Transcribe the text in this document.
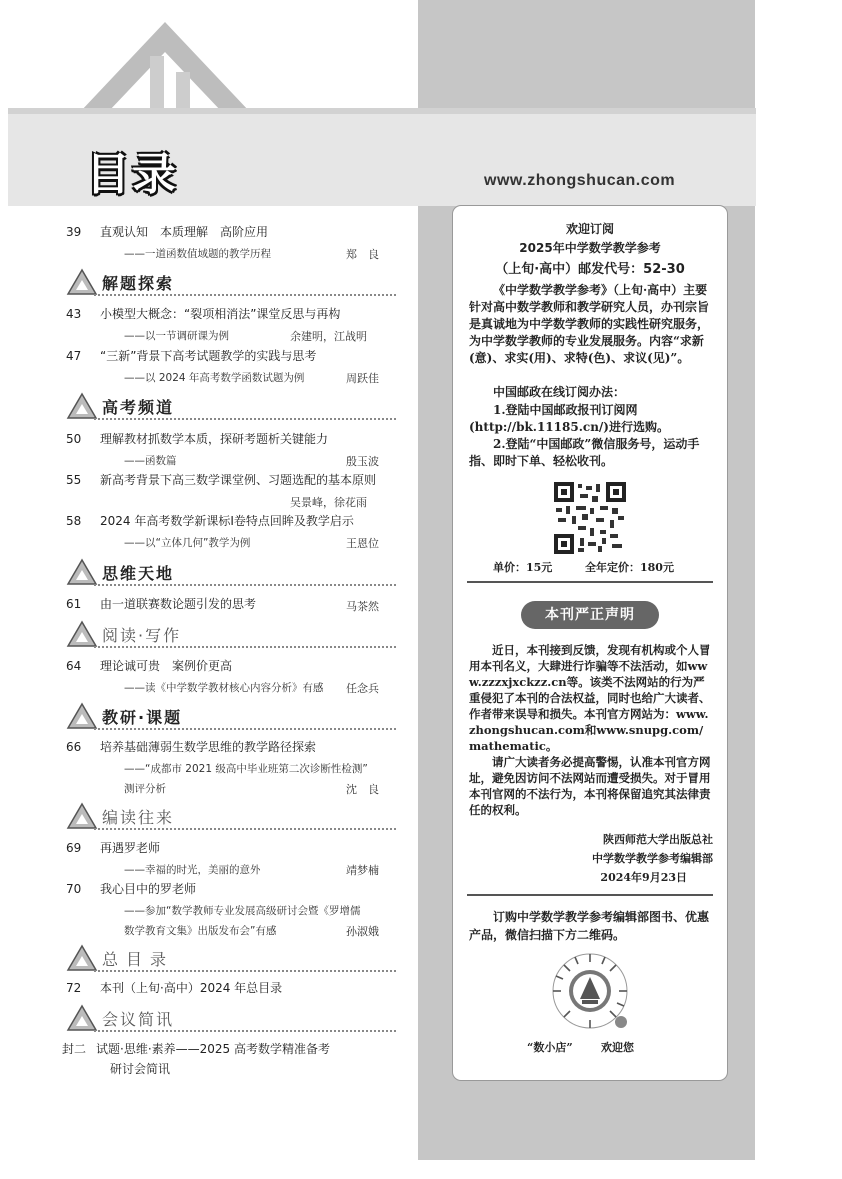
目录	www.zhongshucan.com
39 直观认知　本质理解　高阶应用
——一道函数值域题的教学历程	郑　良
解题探索
43 小模型大概念：“裂项相消法”课堂反思与再构
——以一节调研课为例	余建明，江战明
47 “三新”背景下高考试题教学的实践与思考
——以 2024 年高考数学函数试题为例	周跃佳
高考频道
50 理解教材抓数学本质，探研考题析关键能力
——函数篇	殷玉波
55 新高考背景下高三数学课堂例、习题选配的基本原则
吴景峰，徐花雨
58 2024 年高考数学新课标Ⅰ卷特点回眸及教学启示
——以“立体几何”教学为例	王恩位
思维天地
61 由一道联赛数论题引发的思考	马茶然
阅读·写作
64 理论诚可贵　案例价更高
——读《中学数学教材核心内容分析》有感 任念兵
教研·课题
66 培养基础薄弱生数学思维的教学路径探索
——“成都市 2021 级高中毕业班第二次诊断性检测”
测评分析	沈　良
编读往来
69 再遇罗老师
——幸福的时光，美丽的意外	靖梦楠
70 我心目中的罗老师
——参加“数学教师专业发展高级研讨会暨《罗增儒
数学教育文集》出版发布会”有感	孙淑娥
总目录
72 本刊（上旬·高中）2024 年总目录
会议简讯
封二 试题·思维·素养——2025 高考数学精准备考
研讨会简讯
欢迎订阅
2025年中学数学教学参考
（上旬·高中）邮发代号：52-30
《中学数学教学参考》（上旬·高中）主要针对高中数学教师和教学研究人员，办刊宗旨是真诚地为中学数学教师的实践性研究服务，为中学数学教师的专业发展服务。内容“求新(意)、求实(用)、求特(色)、求议(见)”。
中国邮政在线订阅办法：
1.登陆中国邮政报刊订阅网(http://bk.11185.cn/)进行选购。
2.登陆“中国邮政”微信服务号，运动手指、即时下单、轻松收刊。
单价：15元	全年定价：180元
本刊严正声明
近日，本刊接到反馈，发现有机构或个人冒用本刊名义，大肆进行诈骗等不法活动，如www.zzzxjxckzz.cn等。该类不法网站的行为严重侵犯了本刊的合法权益，同时也给广大读者、作者带来误导和损失。本刊官方网站为：www.zhongshucan.com和www.snupg.com/mathematic。
请广大读者务必提高警惕，认准本刊官方网址，避免因访问不法网站而遭受损失。对于冒用本刊官网的不法行为，本刊将保留追究其法律责任的权利。
陕西师范大学出版总社
中学数学教学参考编辑部
2024年9月23日
订购中学数学教学参考编辑部图书、优惠产品，微信扫描下方二维码。
“数小店”	欢迎您
